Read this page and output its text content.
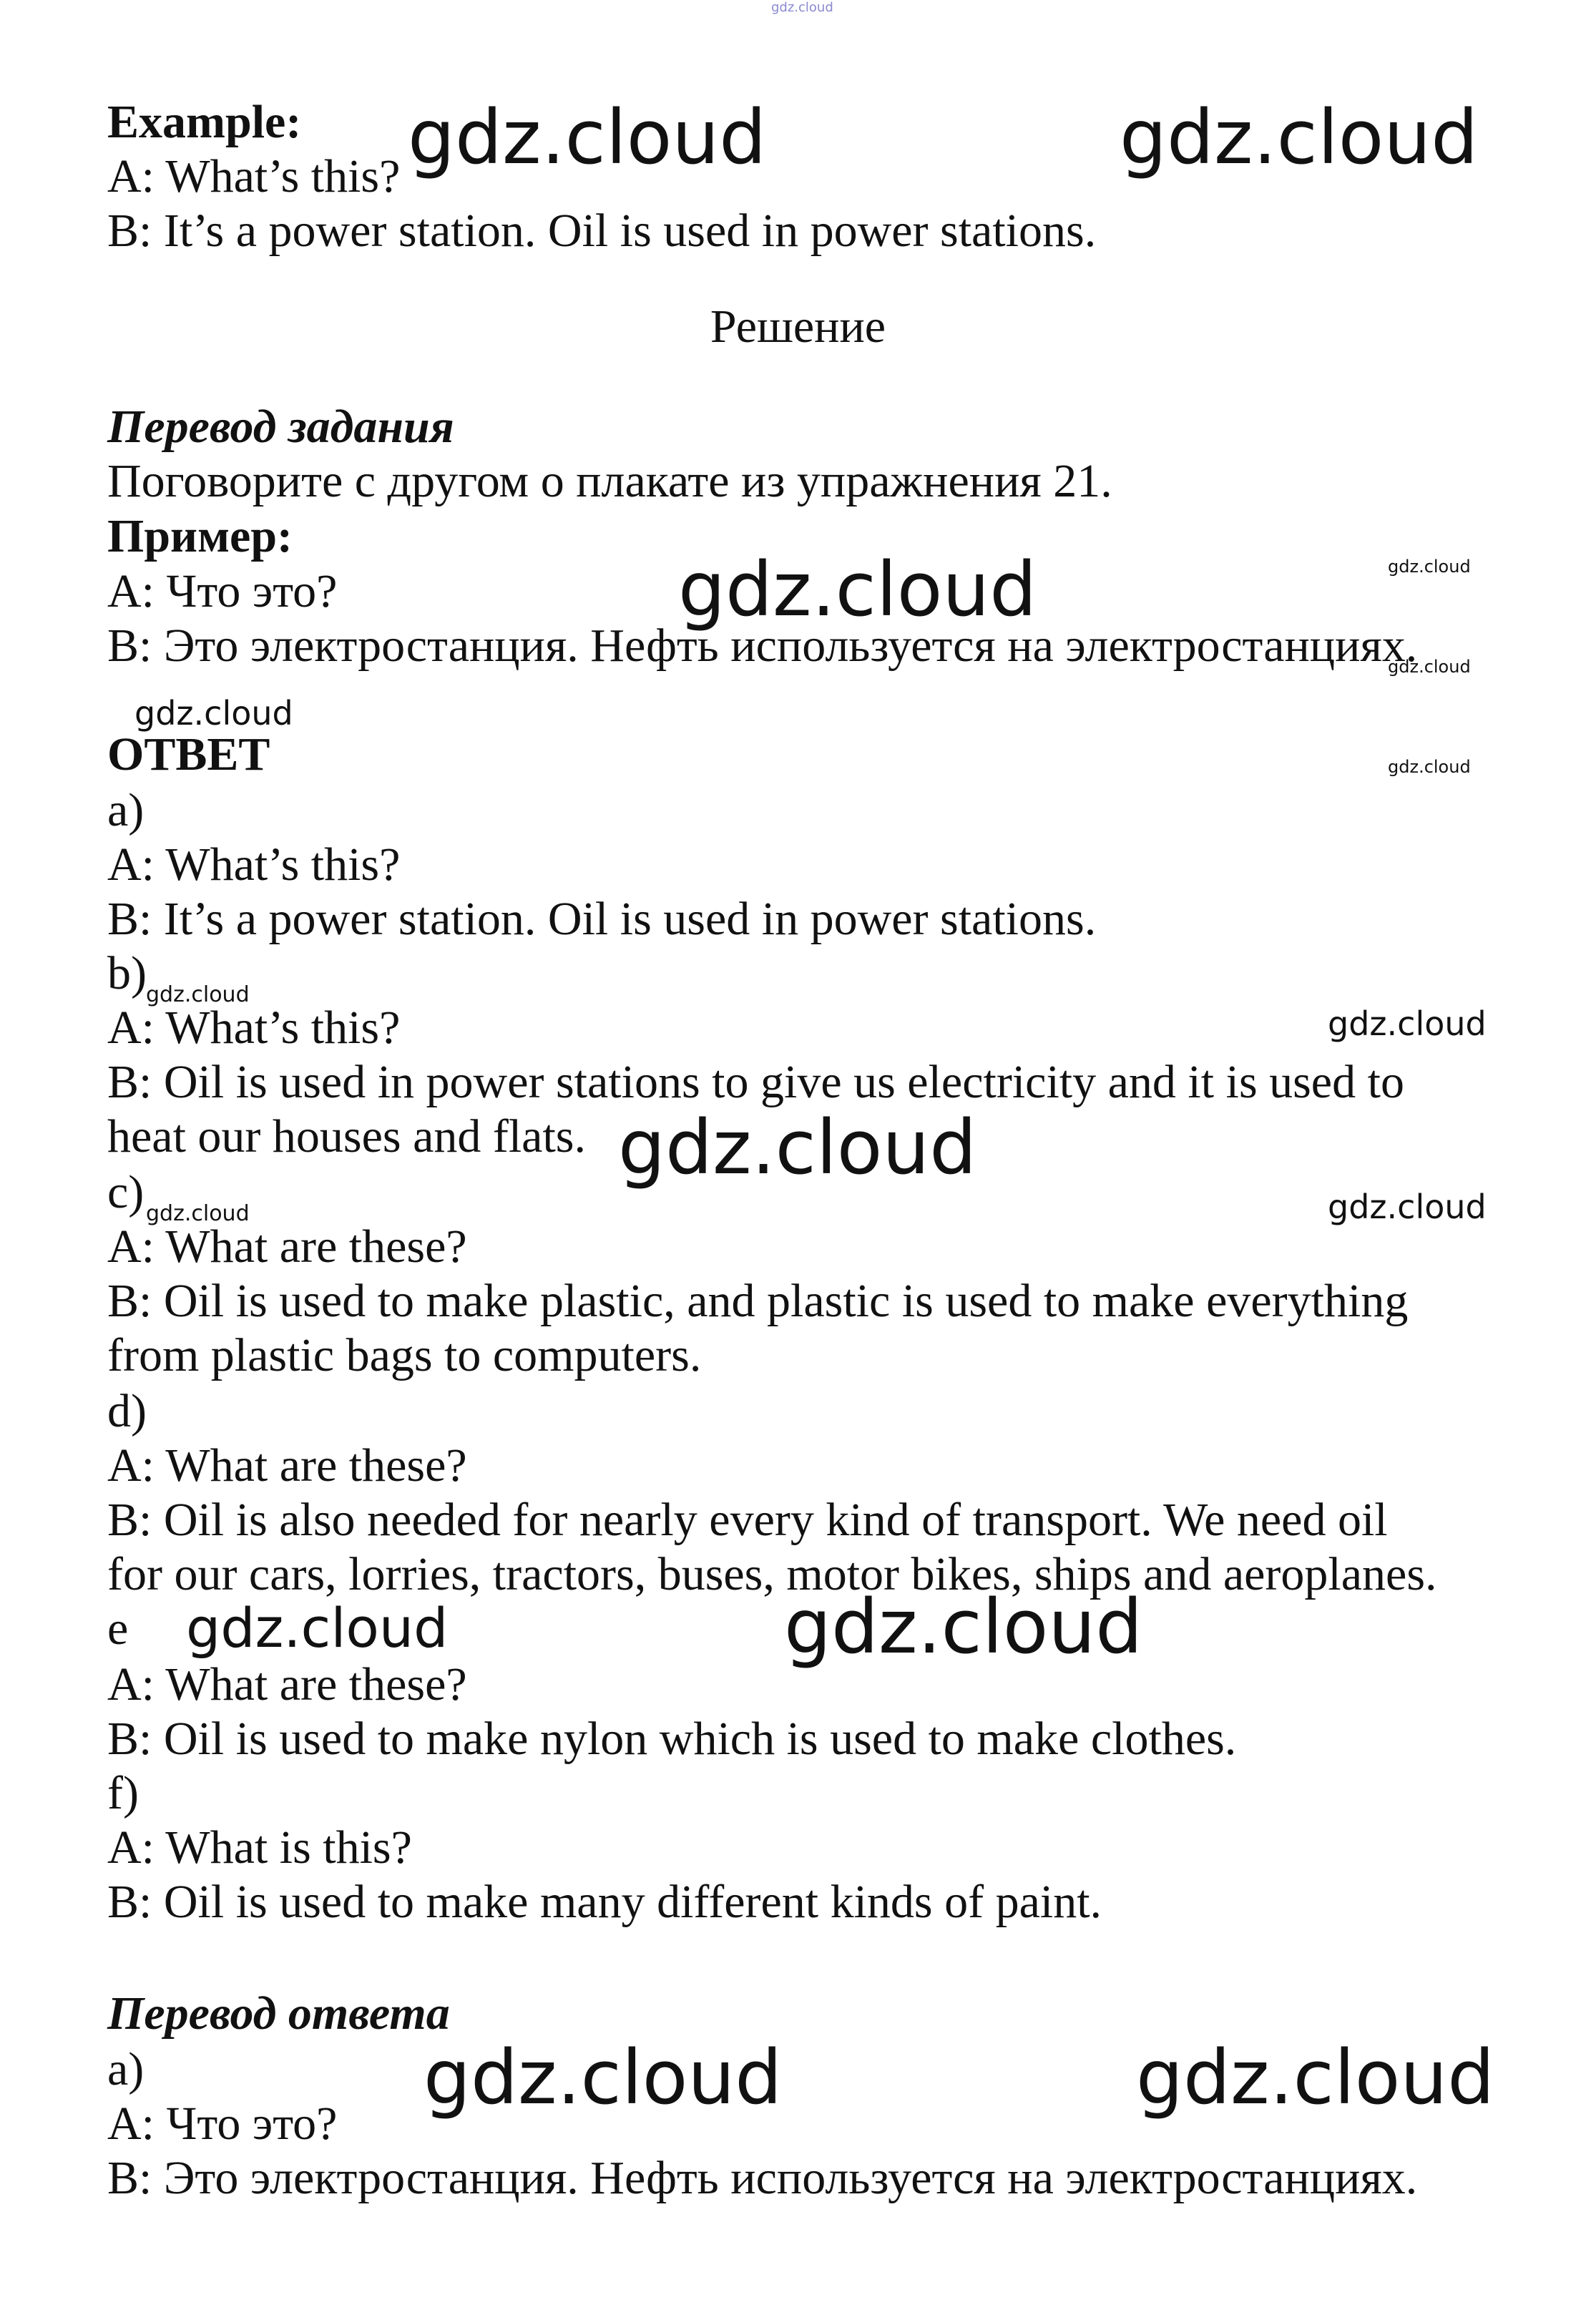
gdz.cloud
Example:
A: What’s this?
B: It’s a power station. Oil is used in power stations.
Решение
Перевод задания
Поговорите с другом о плакате из упражнения 21.
Пример:
А: Что это?
В: Это электростанция. Нефть используется на электростанциях.
ОТВЕТ
a)
A: What’s this?
B: It’s a power station. Oil is used in power stations.
b)
A: What’s this?
B: Oil is used in power stations to give us electricity and it is used to
heat our houses and flats.
c)
A: What are these?
B: Oil is used to make plastic, and plastic is used to make everything
from plastic bags to computers.
d)
A: What are these?
B: Oil is also needed for nearly every kind of transport. We need oil
for our cars, lorries, tractors, buses, motor bikes, ships and aeroplanes.
e
A: What are these?
B: Oil is used to make nylon which is used to make clothes.
f)
A: What is this?
B: Oil is used to make many different kinds of paint.
Перевод ответа
а)
А: Что это?
В: Это электростанция. Нефть используется на электростанциях.
gdz.cloud	gdz.cloud
gdz.cloud	gdz.cloud
gdz.cloud
gdz.cloud
gdz.cloud
gdz.cloud
gdz.cloud
gdz.cloud
gdz.cloud	gdz.cloud
gdz.cloud	gdz.cloud
gdz.cloud	gdz.cloud
